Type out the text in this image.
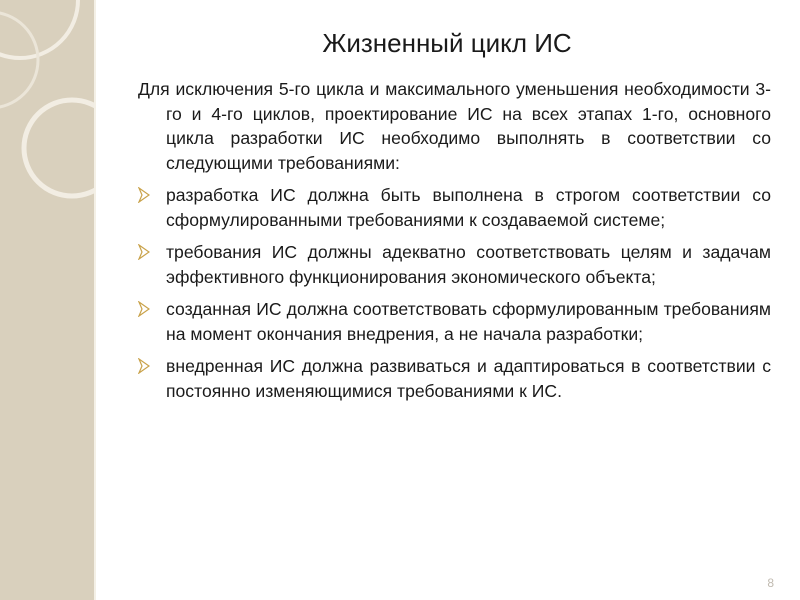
Жизненный цикл ИС

Для исключения 5-го цикла и максимального уменьшения необходимости 3-го и 4-го циклов, проектирование ИС на всех этапах 1-го, основного цикла разработки ИС необходимо выполнять в соответствии со следующими требованиями:

разработка ИС должна быть выполнена в строгом соответствии со сформулированными требованиями к создаваемой системе;
требования ИС должны адекватно соответствовать целям и задачам эффективного функционирования экономического объекта;
созданная ИС должна соответствовать сформулированным требованиям на момент окончания внедрения, а не начала разработки;
внедренная ИС должна развиваться и адаптироваться в соответствии с постоянно изменяющимися требованиями к ИС.
8
